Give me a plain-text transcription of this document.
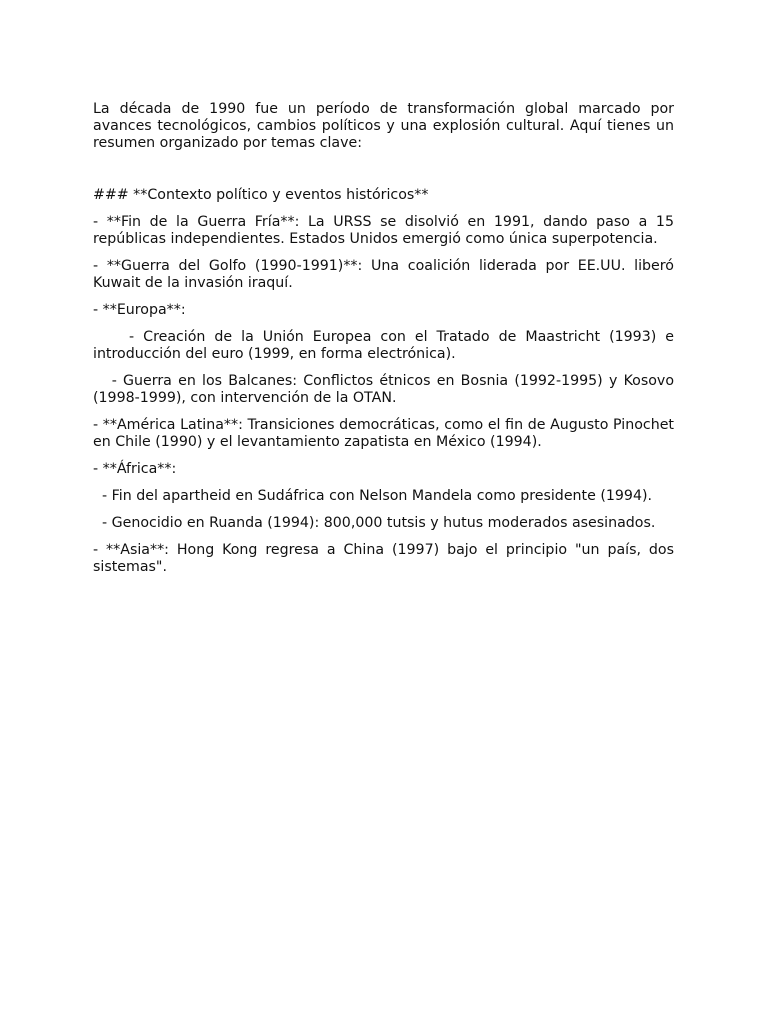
La década de 1990 fue un período de transformación global marcado por avances tecnológicos, cambios políticos y una explosión cultural. Aquí tienes un resumen organizado por temas clave:

### **Contexto político y eventos históricos**

- **Fin de la Guerra Fría**: La URSS se disolvió en 1991, dando paso a 15 repúblicas independientes. Estados Unidos emergió como única superpotencia.

- **Guerra del Golfo (1990-1991)**: Una coalición liderada por EE.UU. liberó Kuwait de la invasión iraquí.

- **Europa**:

- Creación de la Unión Europea con el Tratado de Maastricht (1993) e introducción del euro (1999, en forma electrónica).

- Guerra en los Balcanes: Conflictos étnicos en Bosnia (1992-1995) y Kosovo (1998-1999), con intervención de la OTAN.

- **América Latina**: Transiciones democráticas, como el fin de Augusto Pinochet en Chile (1990) y el levantamiento zapatista en México (1994).

- **África**:

- Fin del apartheid en Sudáfrica con Nelson Mandela como presidente (1994).

- Genocidio en Ruanda (1994): 800,000 tutsis y hutus moderados asesinados.

- **Asia**: Hong Kong regresa a China (1997) bajo el principio "un país, dos sistemas".
